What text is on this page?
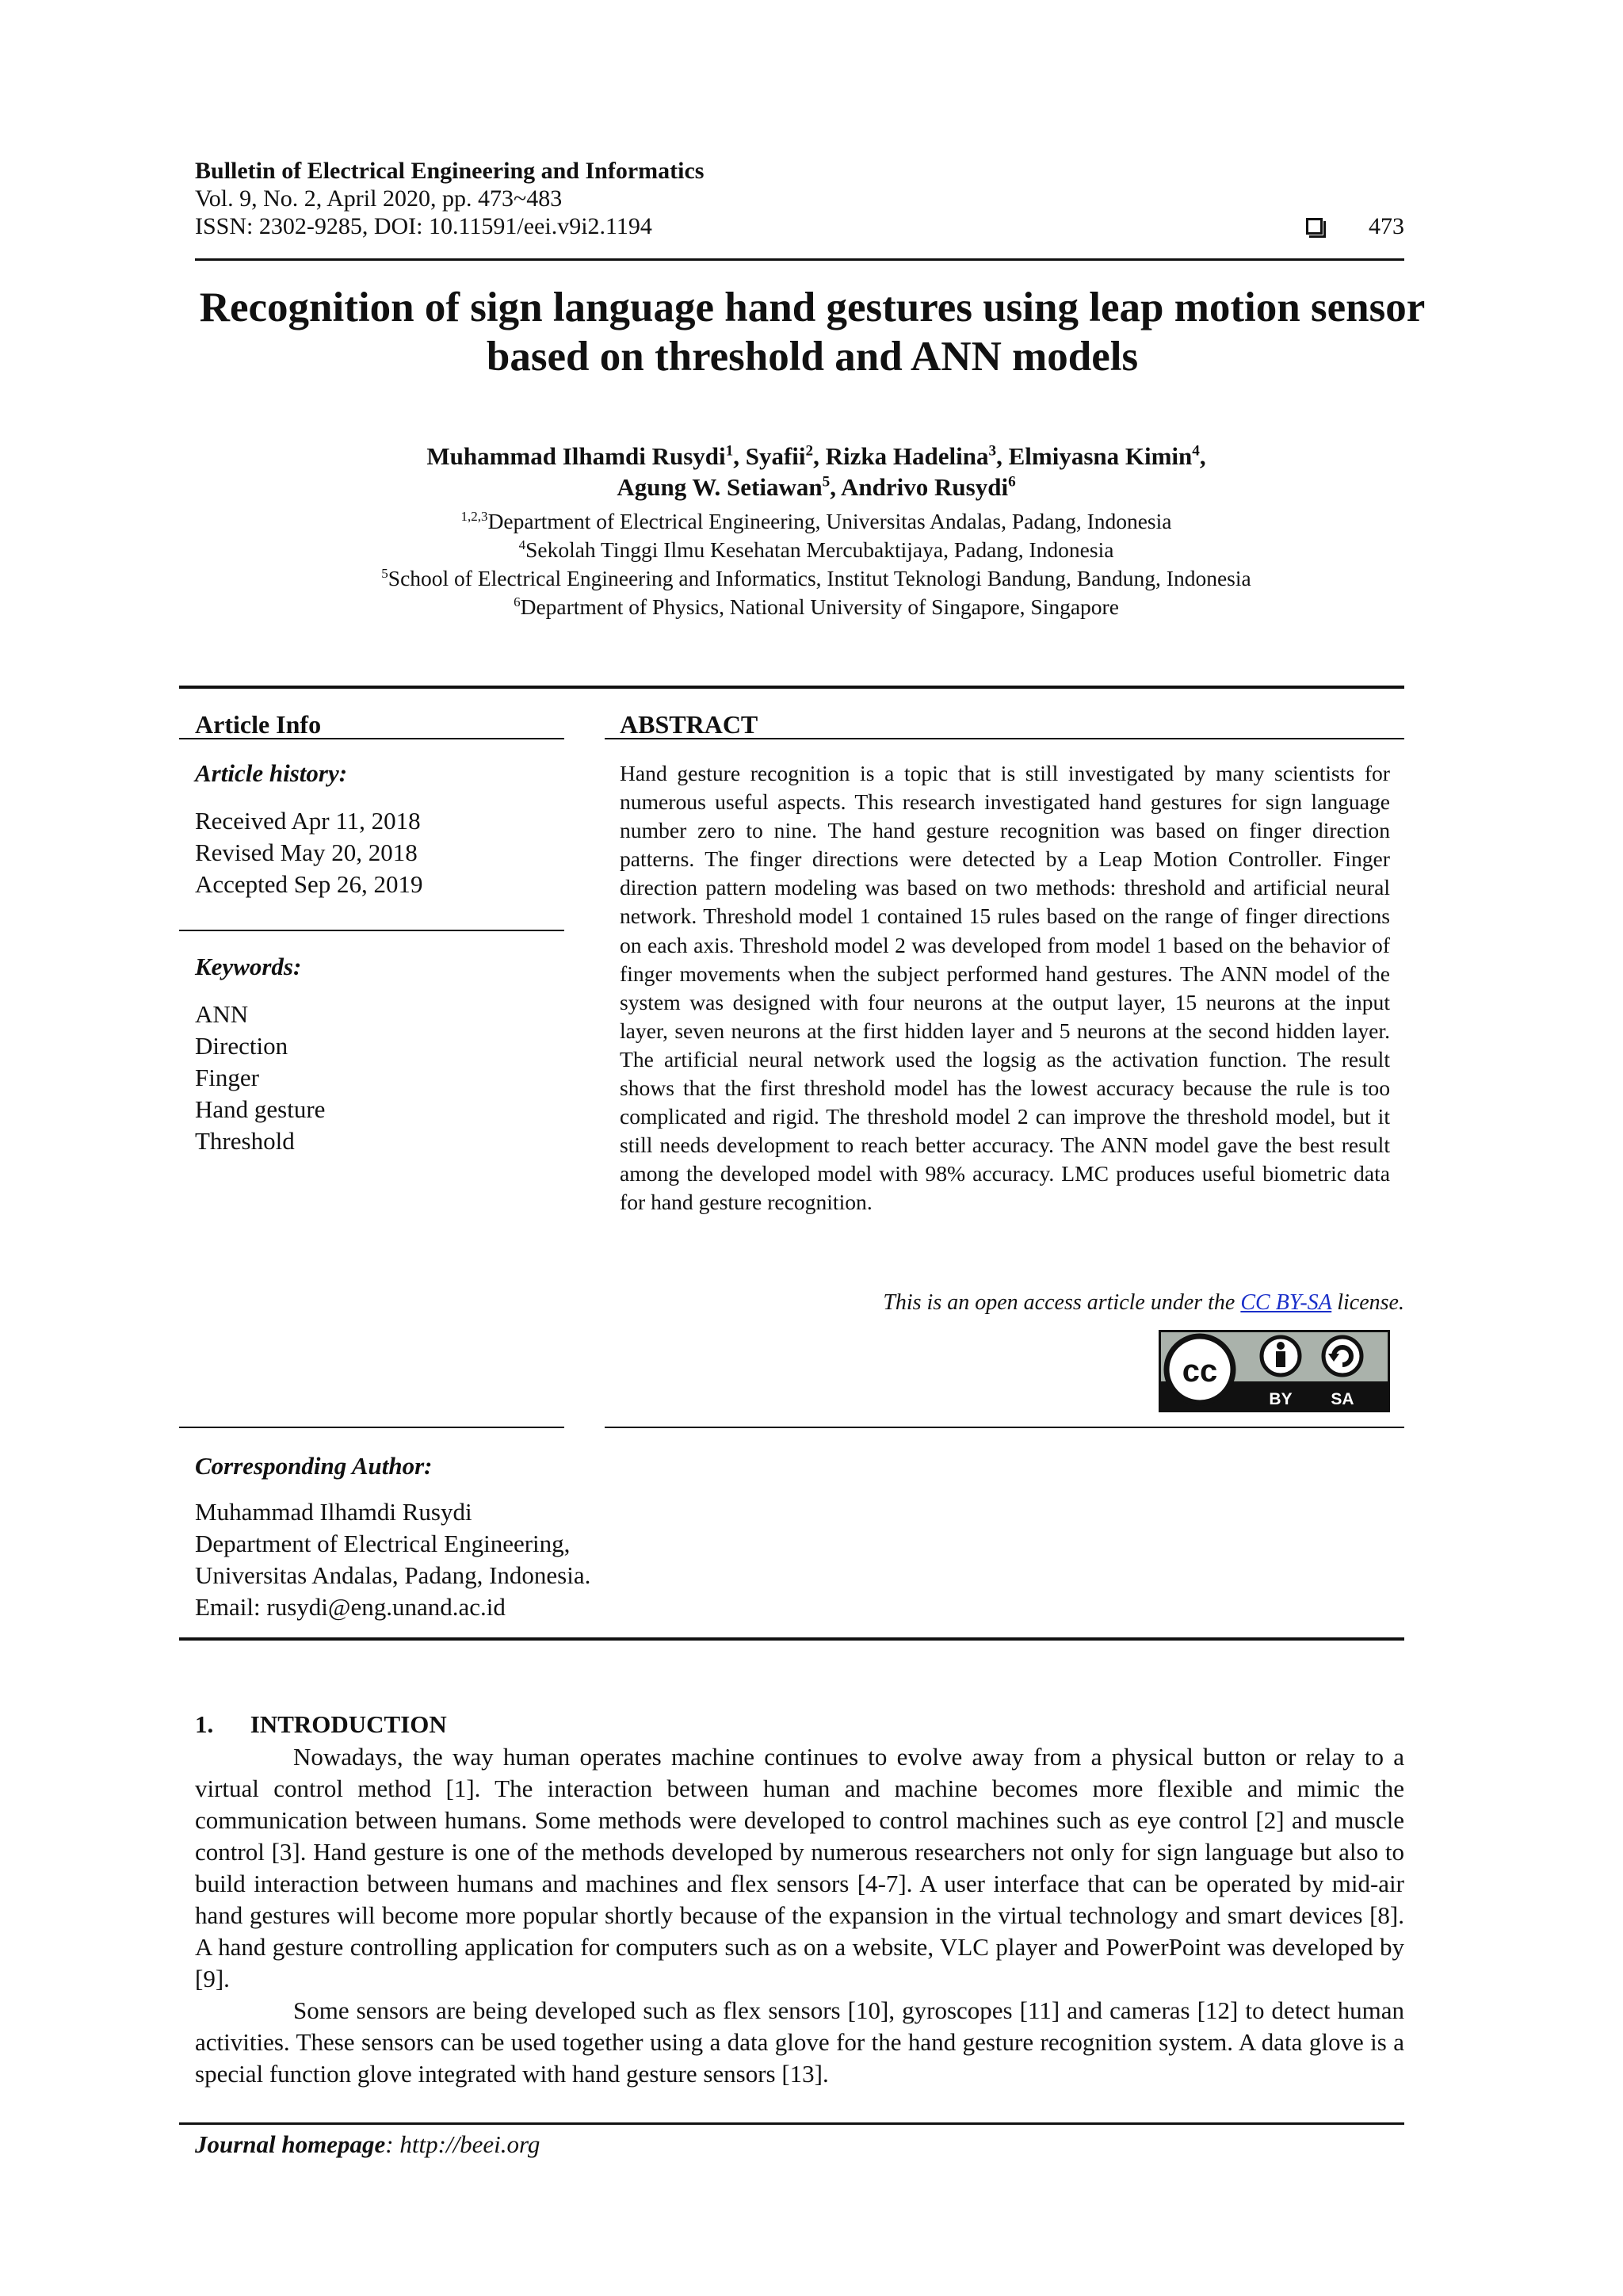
Bulletin of Electrical Engineering and Informatics
Vol. 9, No. 2, April 2020, pp. 473~483
ISSN: 2302-9285, DOI: 10.11591/eei.v9i2.1194	473
Recognition of sign language hand gestures using leap motion sensor based on threshold and ANN models
Muhammad Ilhamdi Rusydi$^1$, Syafii$^2$, Rizka Hadelina$^3$, Elmiyasna Kimin$^4$,
Agung W. Setiawan$^5$, Andrivo Rusydi$^6$
$^{1,2,3}$Department of Electrical Engineering, Universitas Andalas, Padang, Indonesia
$^4$Sekolah Tinggi Ilmu Kesehatan Mercubaktijaya, Padang, Indonesia
$^5$School of Electrical Engineering and Informatics, Institut Teknologi Bandung, Bandung, Indonesia
$^6$Department of Physics, National University of Singapore, Singapore
Article Info
Article history:
Received Apr 11, 2018
Revised May 20, 2018
Accepted Sep 26, 2019
Keywords:
ANN
Direction
Finger
Hand gesture
Threshold
Corresponding Author:
Muhammad Ilhamdi Rusydi
Department of Electrical Engineering,
Universitas Andalas, Padang, Indonesia.
Email: rusydi@eng.unand.ac.id
ABSTRACT
Hand gesture recognition is a topic that is still investigated by many scientists for numerous useful aspects. This research investigated hand gestures for sign language number zero to nine. The hand gesture recognition was based on finger direction patterns. The finger directions were detected by a Leap Motion Controller. Finger direction pattern modeling was based on two methods: threshold and artificial neural network. Threshold model 1 contained 15 rules based on the range of finger directions on each axis. Threshold model 2 was developed from model 1 based on the behavior of finger movements when the subject performed hand gestures. The ANN model of the system was designed with four neurons at the output layer, 15 neurons at the input layer, seven neurons at the first hidden layer and 5 neurons at the second hidden layer. The artificial neural network used the logsig as the activation function. The result shows that the first threshold model has the lowest accuracy because the rule is too complicated and rigid. The threshold model 2 can improve the threshold model, but it still needs development to reach better accuracy. The ANN model gave the best result among the developed model with 98% accuracy. LMC produces useful biometric data for hand gesture recognition.
This is an open access article under the CC BY-SA license.
cc
BY SA
1.      INTRODUCTION

Nowadays, the way human operates machine continues to evolve away from a physical button or relay to a virtual control method [1]. The interaction between human and machine becomes more flexible and mimic the communication between humans. Some methods were developed to control machines such as eye control [2] and muscle control [3]. Hand gesture is one of the methods developed by numerous researchers not only for sign language but also to build interaction between humans and machines and flex sensors [4-7]. A user interface that can be operated by mid-air hand gestures will become more popular shortly because of the expansion in the virtual technology and smart devices [8]. A hand gesture controlling application for computers such as on a website, VLC player and PowerPoint was developed by [9].

Some sensors are being developed such as flex sensors [10], gyroscopes [11] and cameras [12] to detect human activities. These sensors can be used together using a data glove for the hand gesture recognition system. A data glove is a special function glove integrated with hand gesture sensors [13].

Journal homepage: http://beei.org
